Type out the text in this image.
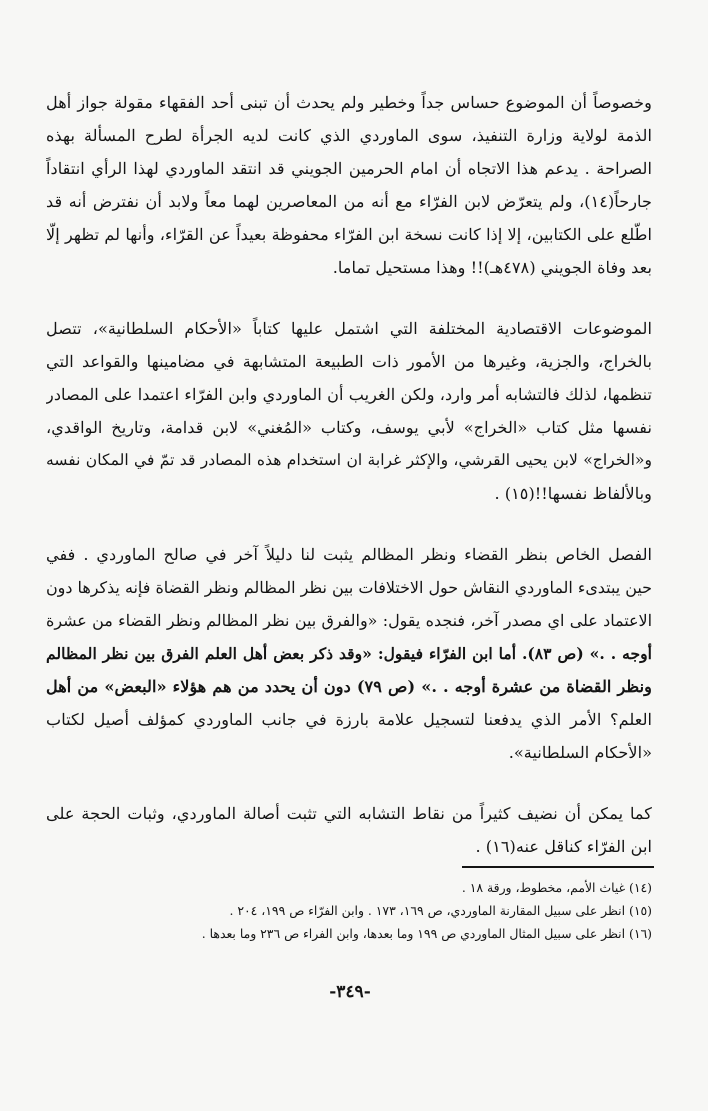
وخصوصاً أن الموضوع حساس جداً وخطير ولم يحدث أن تبنى أحد الفقهاء مقولة جواز أهل
الذمة لولاية وزارة التنفيذ، سوى الماوردي الذي كانت لديه الجرأة لطرح المسألة بهذه
الصراحة . يدعم هذا الاتجاه أن امام الحرمين الجويني قد انتقد الماوردي لهذا الرأي انتقاداً
جارحاً(١٤)، ولم يتعرّض لابن الفرّاء مع أنه من المعاصرين لهما معاً ولابد أن نفترض أنه قد
اطّلع على الكتابين، إلا إذا كانت نسخة ابن الفرّاء محفوظة بعيداً عن القرّاء، وأنها لم تظهر إلّا
بعد وفاة الجويني (٤٧٨هـ)!! وهذا مستحيل تماما.

الموضوعات الاقتصادية المختلفة التي اشتمل عليها كتاباً «الأحكام السلطانية»، تتصل
بالخراج، والجزية، وغيرها من الأمور ذات الطبيعة المتشابهة في مضامينها والقواعد التي
تنظمها، لذلك فالتشابه أمر وارد، ولكن الغريب أن الماوردي وابن الفرّاء اعتمدا على المصادر
نفسها مثل كتاب «الخراج» لأبي يوسف، وكتاب «المُغني» لابن قدامة، وتاريخ الواقدي،
و«الخراج» لابن يحيى القرشي، والإكثر غرابة ان استخدام هذه المصادر قد تمّ في المكان نفسه
وبالألفاظ نفسها!!(١٥) .

الفصل الخاص بنظر القضاء ونظر المظالم يثبت لنا دليلاً آخر في صالح الماوردي . ففي
حين يبتدىء الماوردي النقاش حول الاختلافات بين نظر المظالم ونظر القضاة فإنه يذكرها دون
الاعتماد على اي مصدر آخر، فنجده يقول: «والفرق بين نظر المظالم ونظر القضاء من عشرة
أوجه . .» (ص ٨٣). أما ابن الفرّاء فيقول: «وقد ذكر بعض أهل العلم الفرق بين نظر المظالم
ونظر القضاة من عشرة أوجه . .» (ص ٧٩) دون أن يحدد من هم هؤلاء «البعض» من أهل
العلم؟ الأمر الذي يدفعنا لتسجيل علامة بارزة في جانب الماوردي كمؤلف أصيل لكتاب
«الأحكام السلطانية».

كما يمكن أن نضيف كثيراً من نقاط التشابه التي تثبت أصالة الماوردي، وثبات الحجة على
ابن الفرّاء كناقل عنه(١٦) .

(١٤) غياث الأمم، مخطوط، ورقة ١٨ .
(١٥) انظر على سبيل المقارنة الماوردي، ص ١٦٩، ١٧٣ . وابن الفرّاء ص ١٩٩، ٢٠٤ .
(١٦) انظر على سبيل المثال الماوردي ص ١٩٩ وما بعدها، وابن الفراء ص ٢٣٦ وما بعدها .
-٣٤٩-
